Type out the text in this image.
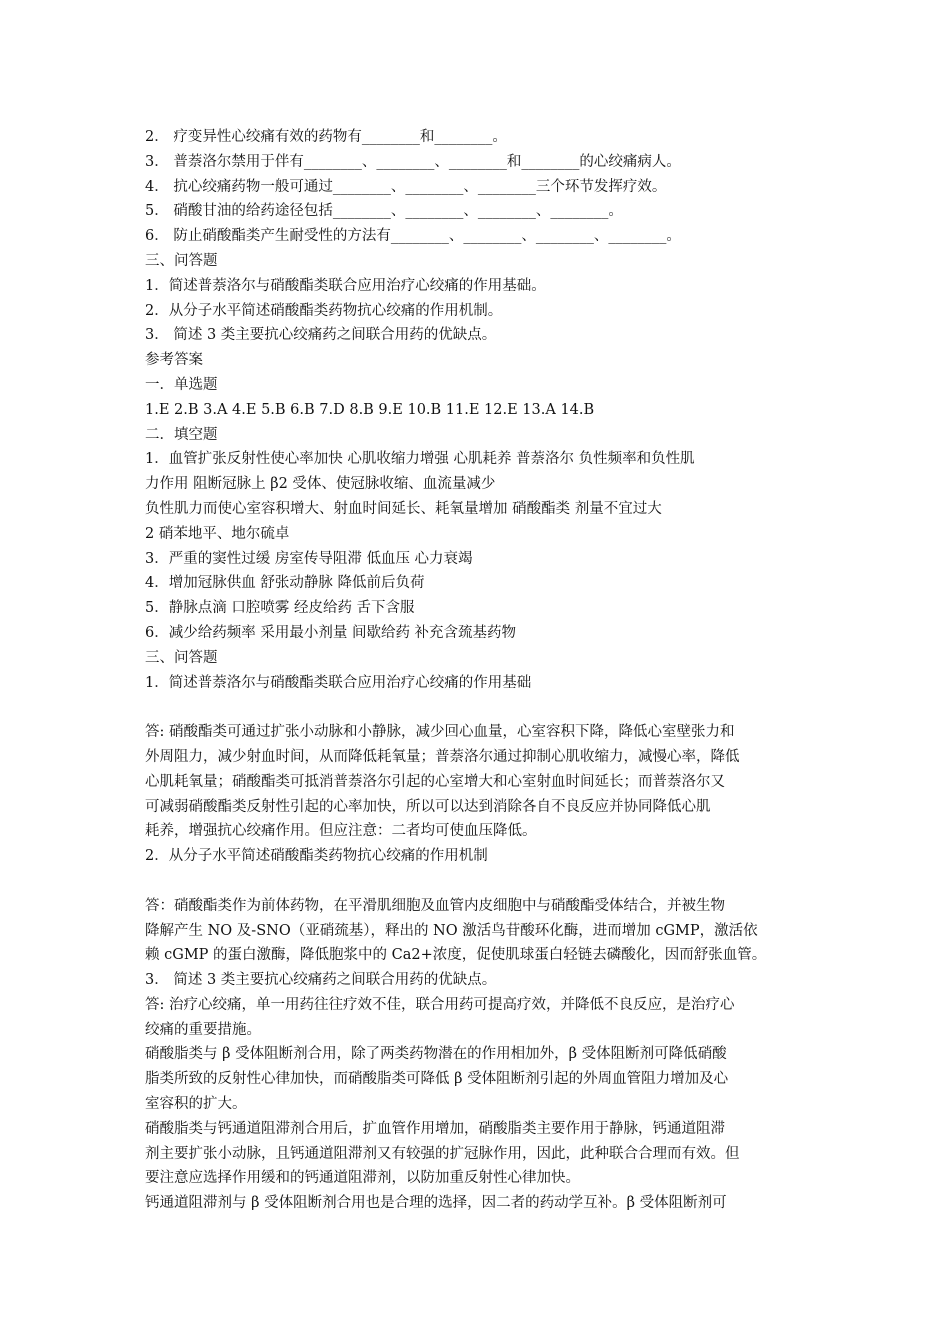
2． 疗变异性心绞痛有效的药物有________和________。
3． 普萘洛尔禁用于伴有________、________、________和________的心绞痛病人。
4． 抗心绞痛药物一般可通过________、________、________三个环节发挥疗效。
5． 硝酸甘油的给药途径包括________、________、________、________。
6． 防止硝酸酯类产生耐受性的方法有________、________、________、________。
三、问答题
1．简述普萘洛尔与硝酸酯类联合应用治疗心绞痛的作用基础。
2．从分子水平简述硝酸酯类药物抗心绞痛的作用机制。
3． 简述 3 类主要抗心绞痛药之间联合用药的优缺点。
参考答案
一．单选题
1.E 2.B 3.A 4.E 5.B 6.B 7.D 8.B 9.E 10.B 11.E 12.E 13.A 14.B
二．填空题
1．血管扩张反射性使心率加快 心肌收缩力增强 心肌耗养 普萘洛尔 负性频率和负性肌
力作用 阻断冠脉上 β2 受体、使冠脉收缩、血流量减少
负性肌力而使心室容积增大、射血时间延长、耗氧量增加 硝酸酯类 剂量不宜过大
2 硝苯地平、地尔硫卓
3．严重的窦性过缓 房室传导阻滞 低血压 心力衰竭
4．增加冠脉供血 舒张动静脉 降低前后负荷
5．静脉点滴 口腔喷雾 经皮给药 舌下含服
6．减少给药频率 采用最小剂量 间歇给药 补充含巯基药物
三、问答题
1．简述普萘洛尔与硝酸酯类联合应用治疗心绞痛的作用基础
答: 硝酸酯类可通过扩张小动脉和小静脉，减少回心血量，心室容积下降，降低心室壁张力和
外周阻力，减少射血时间，从而降低耗氧量；普萘洛尔通过抑制心肌收缩力，减慢心率，降低
心肌耗氧量；硝酸酯类可抵消普萘洛尔引起的心室增大和心室射血时间延长；而普萘洛尔又
可减弱硝酸酯类反射性引起的心率加快，所以可以达到消除各自不良反应并协同降低心肌
耗养，增强抗心绞痛作用。但应注意：二者均可使血压降低。
2．从分子水平简述硝酸酯类药物抗心绞痛的作用机制
答：硝酸酯类作为前体药物，在平滑肌细胞及血管内皮细胞中与硝酸酯受体结合，并被生物
降解产生 NO 及-SNO（亚硝巯基），释出的 NO 激活鸟苷酸环化酶，进而增加 cGMP，激活依
赖 cGMP 的蛋白激酶，降低胞浆中的 Ca2+浓度，促使肌球蛋白轻链去磷酸化，因而舒张血管。
3． 简述 3 类主要抗心绞痛药之间联合用药的优缺点。
答: 治疗心绞痛，单一用药往往疗效不佳，联合用药可提高疗效，并降低不良反应，是治疗心
绞痛的重要措施。
硝酸脂类与 β 受体阻断剂合用，除了两类药物潜在的作用相加外，β 受体阻断剂可降低硝酸
脂类所致的反射性心律加快，而硝酸脂类可降低 β 受体阻断剂引起的外周血管阻力增加及心
室容积的扩大。
硝酸脂类与钙通道阻滞剂合用后，扩血管作用增加，硝酸脂类主要作用于静脉，钙通道阻滞
剂主要扩张小动脉，且钙通道阻滞剂又有较强的扩冠脉作用，因此，此种联合合理而有效。但
要注意应选择作用缓和的钙通道阻滞剂，以防加重反射性心律加快。
钙通道阻滞剂与 β 受体阻断剂合用也是合理的选择，因二者的药动学互补。β 受体阻断剂可
